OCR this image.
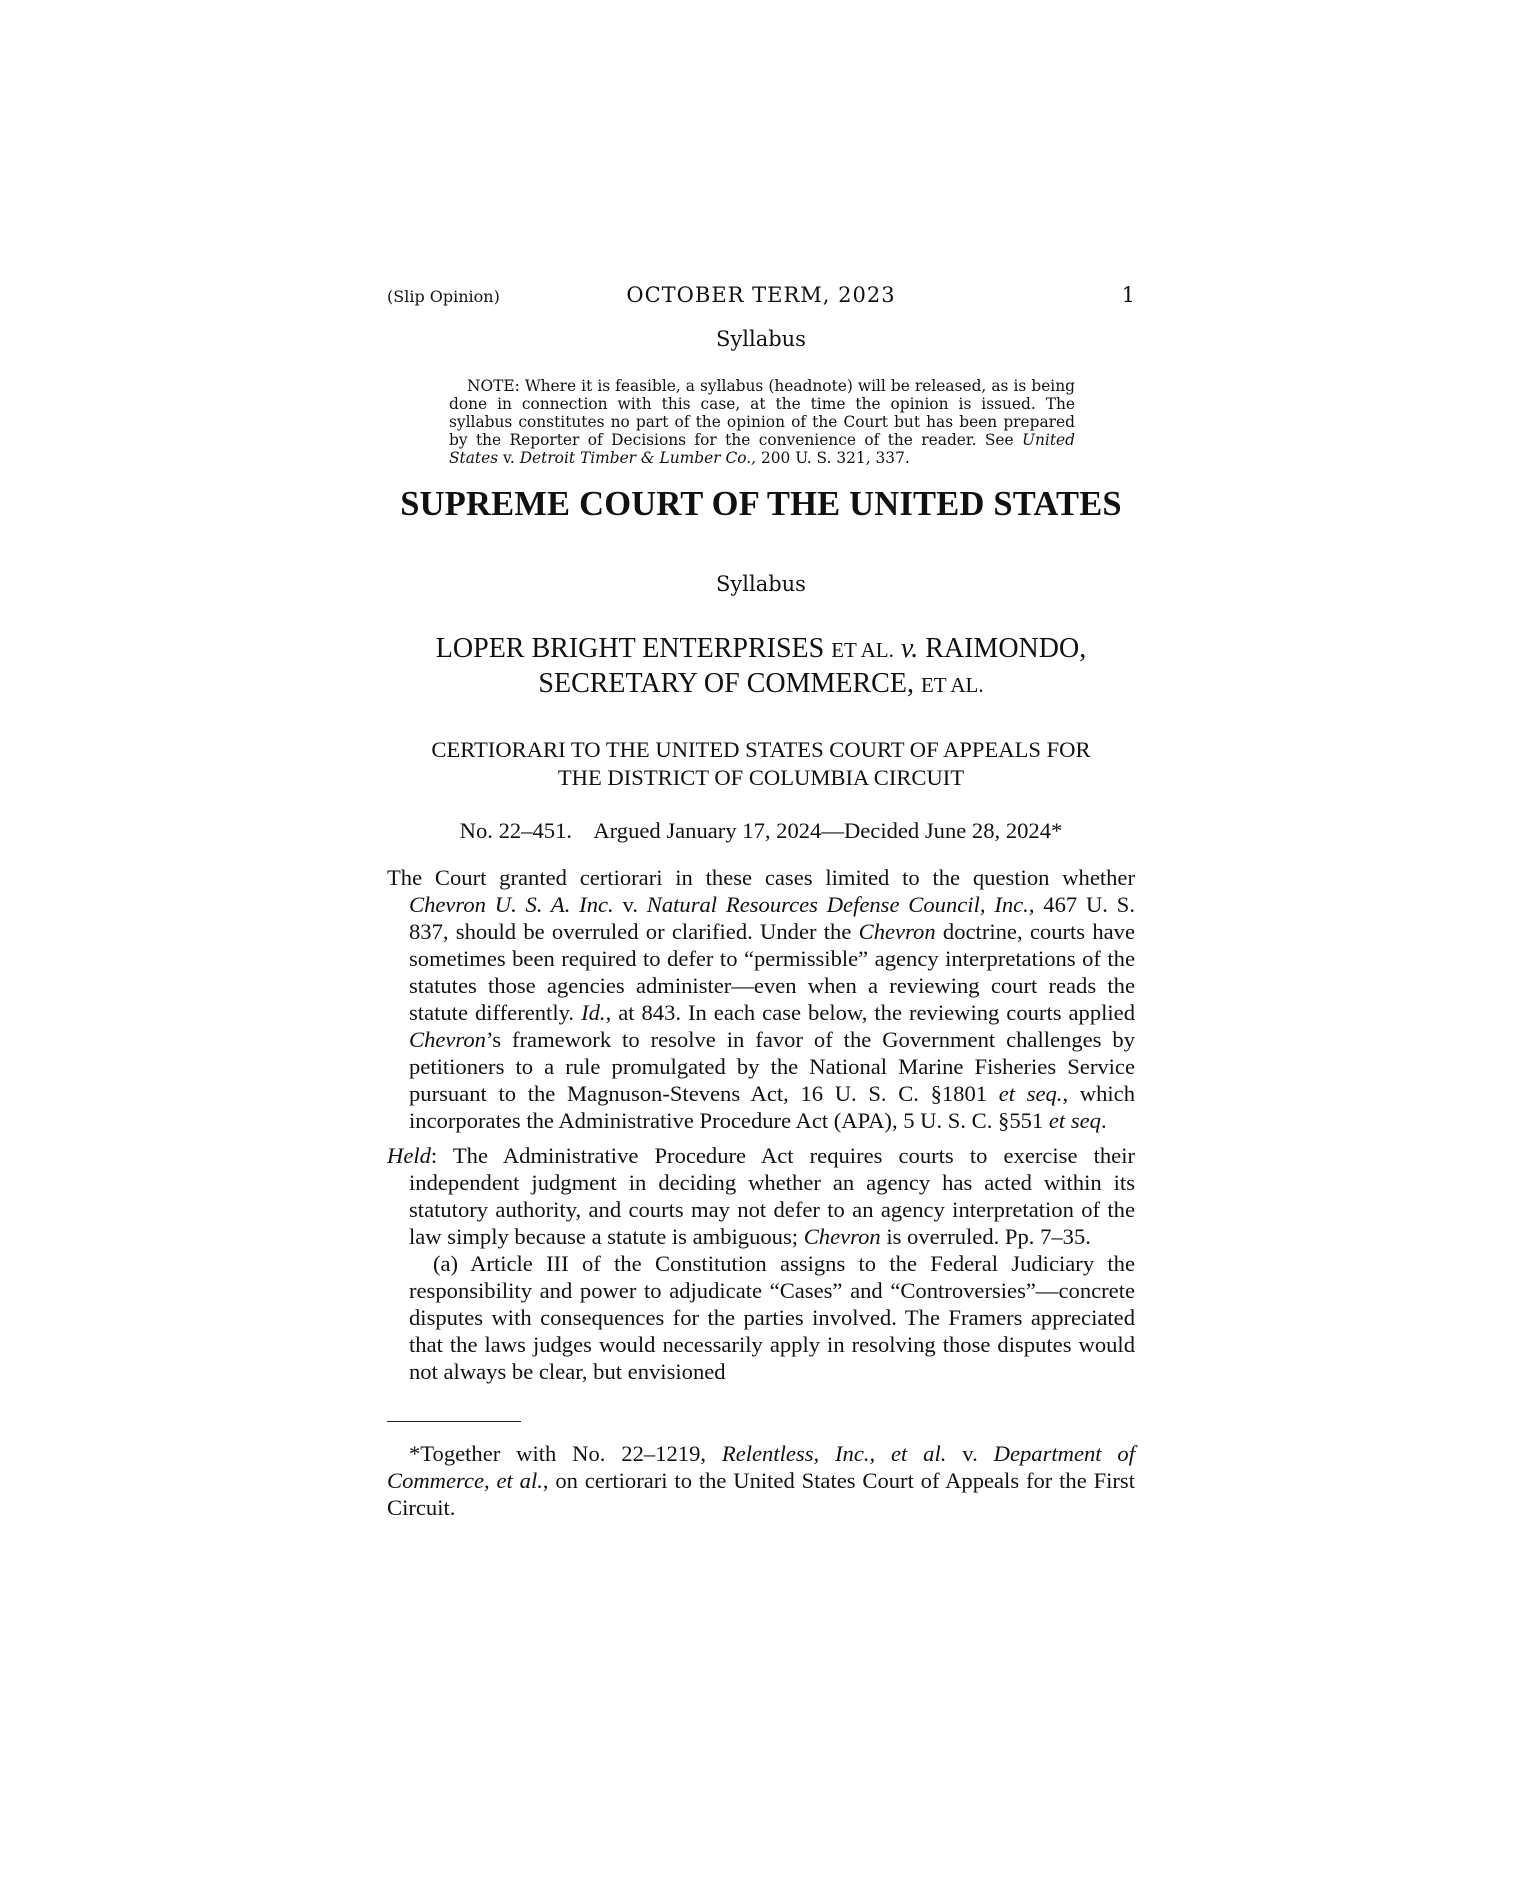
(Slip Opinion)	OCTOBER TERM, 2023	1
Syllabus
NOTE: Where it is feasible, a syllabus (headnote) will be released, as is being done in connection with this case, at the time the opinion is issued. The syllabus constitutes no part of the opinion of the Court but has been prepared by the Reporter of Decisions for the convenience of the reader. See United States v. Detroit Timber & Lumber Co., 200 U. S. 321, 337.
SUPREME COURT OF THE UNITED STATES
Syllabus
LOPER BRIGHT ENTERPRISES ET AL. v. RAIMONDO,
SECRETARY OF COMMERCE, ET AL.
CERTIORARI TO THE UNITED STATES COURT OF APPEALS FOR
THE DISTRICT OF COLUMBIA CIRCUIT
No. 22–451.    Argued January 17, 2024—Decided June 28, 2024*
The Court granted certiorari in these cases limited to the question whether Chevron U. S. A. Inc. v. Natural Resources Defense Council, Inc., 467 U. S. 837, should be overruled or clarified. Under the Chevron doctrine, courts have sometimes been required to defer to “permissible” agency interpretations of the statutes those agencies administer—even when a reviewing court reads the statute differently. Id., at 843. In each case below, the reviewing courts applied Chevron’s framework to resolve in favor of the Government challenges by petitioners to a rule promulgated by the National Marine Fisheries Service pursuant to the Magnuson-Stevens Act, 16 U. S. C. §1801 et seq., which incorporates the Administrative Procedure Act (APA), 5 U. S. C. §551 et seq.
Held: The Administrative Procedure Act requires courts to exercise their independent judgment in deciding whether an agency has acted within its statutory authority, and courts may not defer to an agency interpretation of the law simply because a statute is ambiguous; Chevron is overruled. Pp. 7–35.
(a) Article III of the Constitution assigns to the Federal Judiciary the responsibility and power to adjudicate “Cases” and “Controversies”—concrete disputes with consequences for the parties involved. The Framers appreciated that the laws judges would necessarily apply in resolving those disputes would not always be clear, but envisioned
*Together with No. 22–1219, Relentless, Inc., et al. v. Department of Commerce, et al., on certiorari to the United States Court of Appeals for the First Circuit.
